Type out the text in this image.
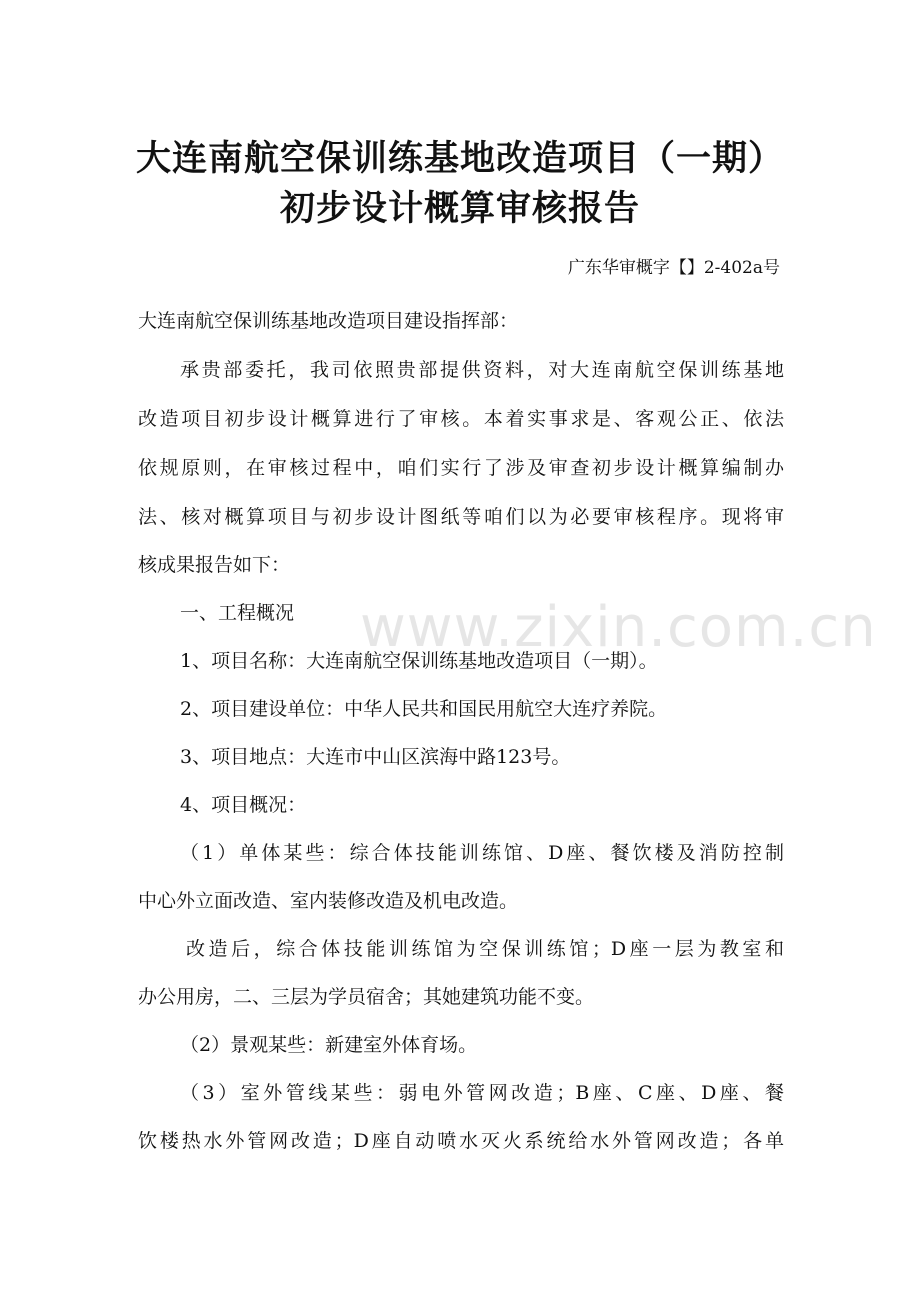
www.zixin.com.cn
大连南航空保训练基地改造项目（一期）
初步设计概算审核报告
广东华审概字【】2-402a号
大连南航空保训练基地改造项目建设指挥部：
承贵部委托，我司依照贵部提供资料，对大连南航空保训练基地
改造项目初步设计概算进行了审核。本着实事求是、客观公正、依法
依规原则，在审核过程中，咱们实行了涉及审查初步设计概算编制办
法、核对概算项目与初步设计图纸等咱们以为必要审核程序。现将审
核成果报告如下：
一、工程概况
1、项目名称：大连南航空保训练基地改造项目（一期）。
2、项目建设单位：中华人民共和国民用航空大连疗养院。
3、项目地点：大连市中山区滨海中路123号。
4、项目概况：
（1）单体某些：综合体技能训练馆、D座、餐饮楼及消防控制
中心外立面改造、室内装修改造及机电改造。
改造后，综合体技能训练馆为空保训练馆；D座一层为教室和
办公用房，二、三层为学员宿舍；其她建筑功能不变。
（2）景观某些：新建室外体育场。
（3）室外管线某些：弱电外管网改造；B座、C座、D座、餐
饮楼热水外管网改造；D座自动喷水灭火系统给水外管网改造；各单
